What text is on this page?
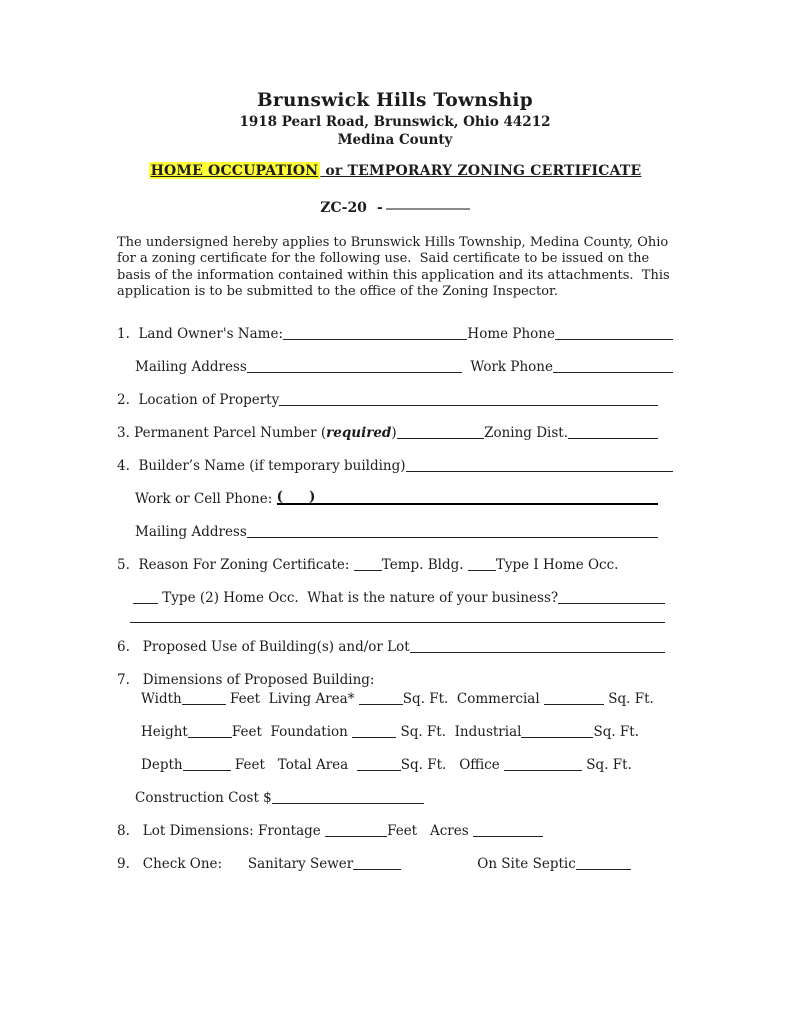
Brunswick Hills Township
1918 Pearl Road, Brunswick, Ohio 44212
Medina County
HOME OCCUPATION or TEMPORARY ZONING CERTIFICATE
ZC-20 -

The undersigned hereby applies to Brunswick Hills Township, Medina County, Ohio for a zoning certificate for the following use.  Said certificate to be issued on the basis of the information contained within this application and its attachments.  This application is to be submitted to the office of the Zoning Inspector.

1.  Land Owner's Name:	Home Phone
Mailing Address	Work Phone
2.  Location of Property
3. Permanent Parcel Number ( required )	Zoning Dist.
4.  Builder’s Name (if temporary building)
Work or Cell Phone: ( )
Mailing Address
5.  Reason For Zoning Certificate: Temp. Bldg. Type I Home Occ.
Type (2) Home Occ.  What is the nature of your business?
6.   Proposed Use of Building(s) and/or Lot
7.   Dimensions of Proposed Building:
Width	Feet  Living Area*	Sq. Ft.  Commercial	Sq. Ft.
Height	Feet  Foundation	Sq. Ft.  Industrial	Sq. Ft.
Depth	Feet   Total Area	Sq. Ft.   Office	Sq. Ft.
Construction Cost $
8.   Lot Dimensions: Frontage	Feet   Acres
9.   Check One:      Sanitary Sewer	On Site Septic
